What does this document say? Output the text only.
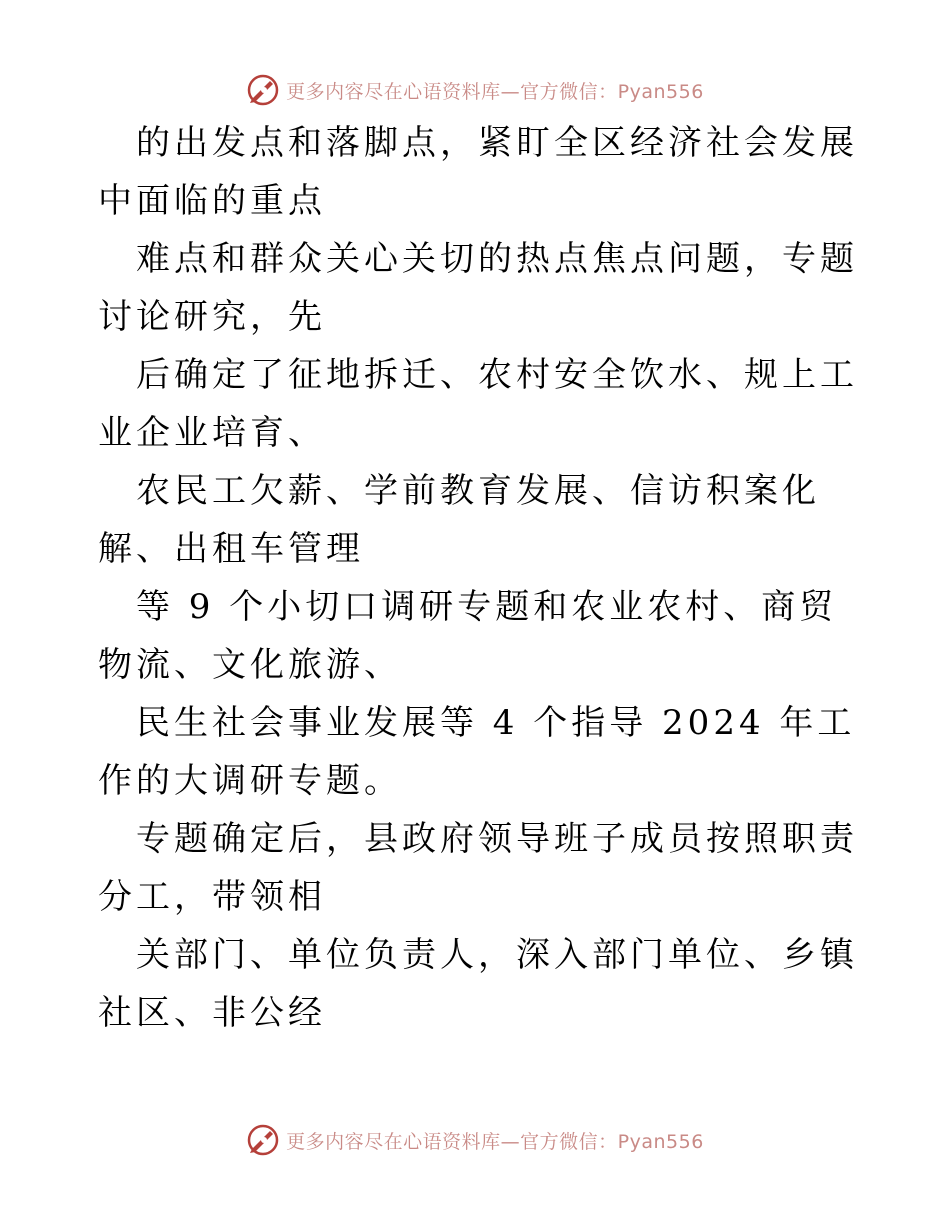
更多内容尽在心语资料库—官方微信：Pyan556

的出发点和落脚点，紧盯全区经济社会发展中面临的重点

难点和群众关心关切的热点焦点问题，专题讨论研究，先

后确定了征地拆迁、农村安全饮水、规上工业企业培育、

农民工欠薪、学前教育发展、信访积案化解、出租车管理

等 9 个小切口调研专题和农业农村、商贸物流、文化旅游、

民生社会事业发展等 4 个指导 2024 年工作的大调研专题。

专题确定后，县政府领导班子成员按照职责分工，带领相

关部门、单位负责人，深入部门单位、乡镇社区、非公经

更多内容尽在心语资料库—官方微信：Pyan556
